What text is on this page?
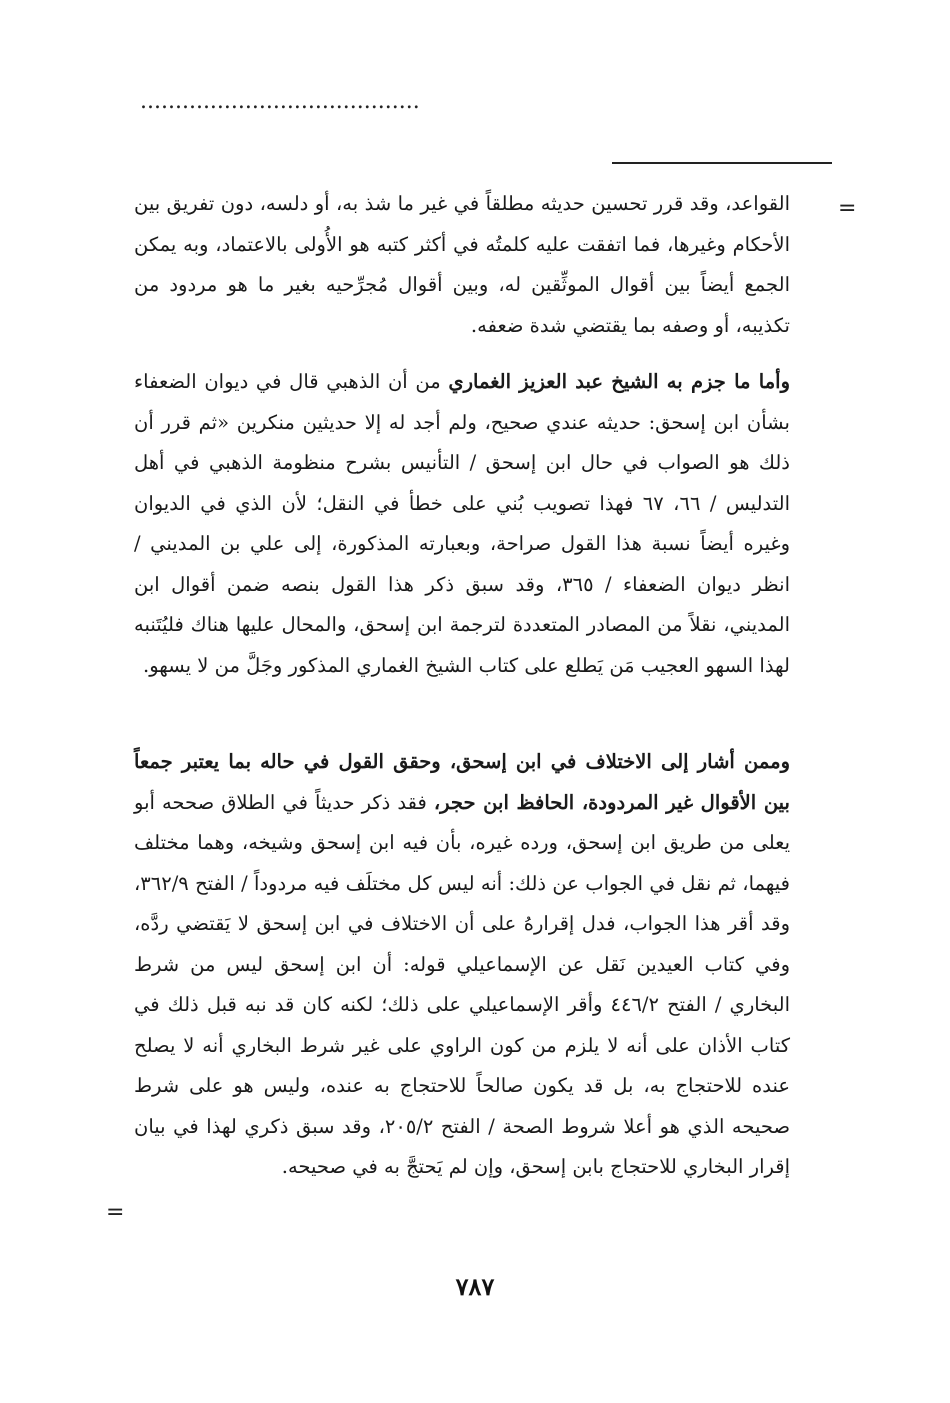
........................................
=

القواعد، وقد قرر تحسين حديثه مطلقاً في غير ما شذ به، أو دلسه، دون تفريق بين الأحكام وغيرها، فما اتفقت عليه كلمتُه في أكثر كتبه هو الأُولى بالاعتماد، وبه يمكن الجمع أيضاً بين أقوال الموثِّقين له، وبين أقوال مُجرِّحيه بغير ما هو مردود من تكذيبه، أو وصفه بما يقتضي شدة ضعفه.

وأما ما جزم به الشيخ عبد العزيز الغماري من أن الذهبي قال في ديوان الضعفاء بشأن ابن إسحق: حديثه عندي صحيح، ولم أجد له إلا حديثين منكرين «ثم قرر أن ذلك هو الصواب في حال ابن إسحق / التأنيس بشرح منظومة الذهبي في أهل التدليس / ٦٦، ٦٧ فهذا تصويب بُني على خطأ في النقل؛ لأن الذي في الديوان وغيره أيضاً نسبة هذا القول صراحة، وبعبارته المذكورة، إلى علي بن المديني / انظر ديوان الضعفاء / ٣٦٥، وقد سبق ذكر هذا القول بنصه ضمن أقوال ابن المديني، نقلاً من المصادر المتعددة لترجمة ابن إسحق، والمحال عليها هناك فليُتَنبه لهذا السهو العجيب مَن يَطلع على كتاب الشيخ الغماري المذكور وجَلَّ من لا يسهو.

وممن أشار إلى الاختلاف في ابن إسحق، وحقق القول في حاله بما يعتبر جمعاً بين الأقوال غير المردودة، الحافظ ابن حجر، فقد ذكر حديثاً في الطلاق صححه أبو يعلى من طريق ابن إسحق، ورده غيره، بأن فيه ابن إسحق وشيخه، وهما مختلف فيهما، ثم نقل في الجواب عن ذلك: أنه ليس كل مختلَف فيه مردوداً / الفتح ٣٦٢/٩، وقد أقر هذا الجواب، فدل إقرارهُ على أن الاختلاف في ابن إسحق لا يَقتضي ردَّه، وفي كتاب العيدين نَقل عن الإسماعيلي قوله: أن ابن إسحق ليس من شرط البخاري / الفتح ٤٤٦/٢ وأقر الإسماعيلي على ذلك؛ لكنه كان قد نبه قبل ذلك في كتاب الأذان على أنه لا يلزم من كون الراوي على غير شرط البخاري أنه لا يصلح عنده للاحتجاج به، بل قد يكون صالحاً للاحتجاج به عنده، وليس هو على شرط صحيحه الذي هو أعلا شروط الصحة / الفتح ٢٠٥/٢، وقد سبق ذكري لهذا في بيان إقرار البخاري للاحتجاج بابن إسحق، وإن لم يَحتجَّ به في صحيحه.

=
٧٨٧
